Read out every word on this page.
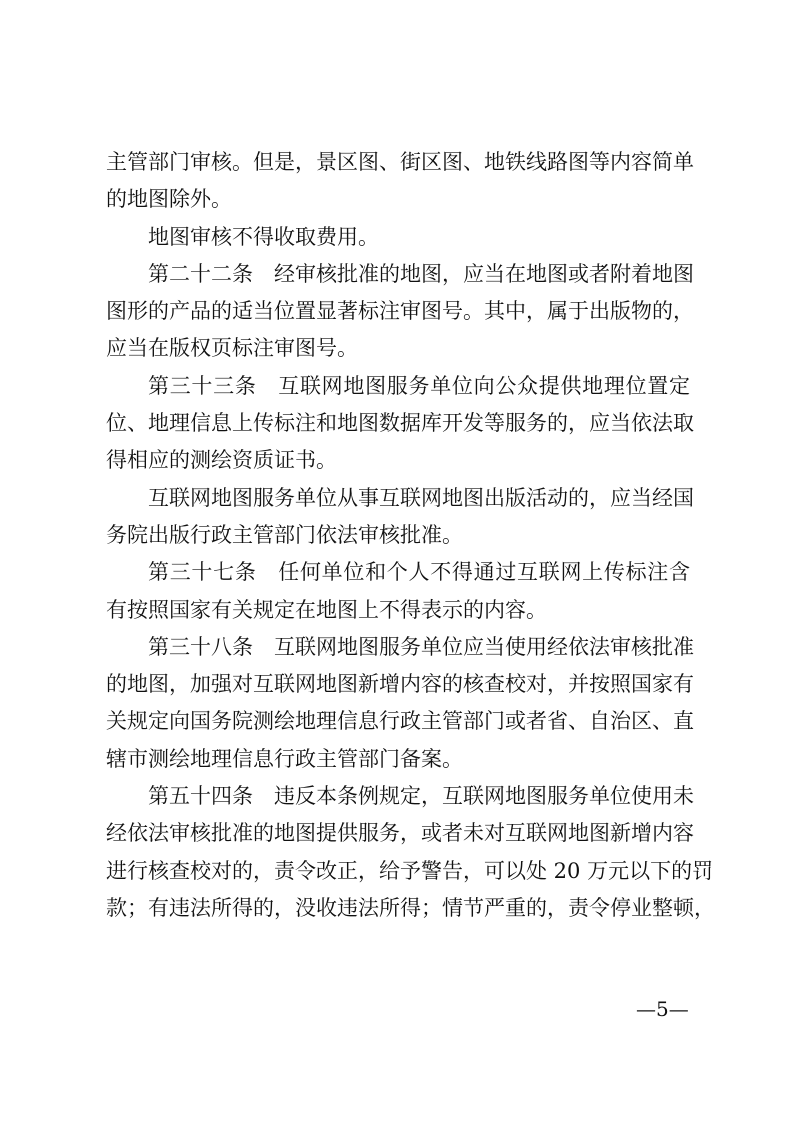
主管部门审核。但是，景区图、街区图、地铁线路图等内容简单
的地图除外。
地图审核不得收取费用。
第二十二条　经审核批准的地图，应当在地图或者附着地图
图形的产品的适当位置显著标注审图号。其中，属于出版物的，
应当在版权页标注审图号。
第三十三条　互联网地图服务单位向公众提供地理位置定
位、地理信息上传标注和地图数据库开发等服务的，应当依法取
得相应的测绘资质证书。
互联网地图服务单位从事互联网地图出版活动的，应当经国
务院出版行政主管部门依法审核批准。
第三十七条　任何单位和个人不得通过互联网上传标注含
有按照国家有关规定在地图上不得表示的内容。
第三十八条　互联网地图服务单位应当使用经依法审核批准
的地图，加强对互联网地图新增内容的核查校对，并按照国家有
关规定向国务院测绘地理信息行政主管部门或者省、自治区、直
辖市测绘地理信息行政主管部门备案。
第五十四条　违反本条例规定，互联网地图服务单位使用未
经依法审核批准的地图提供服务，或者未对互联网地图新增内容
进行核查校对的，责令改正，给予警告，可以处 20 万元以下的罚
款；有违法所得的，没收违法所得；情节严重的，责令停业整顿，
—5—
